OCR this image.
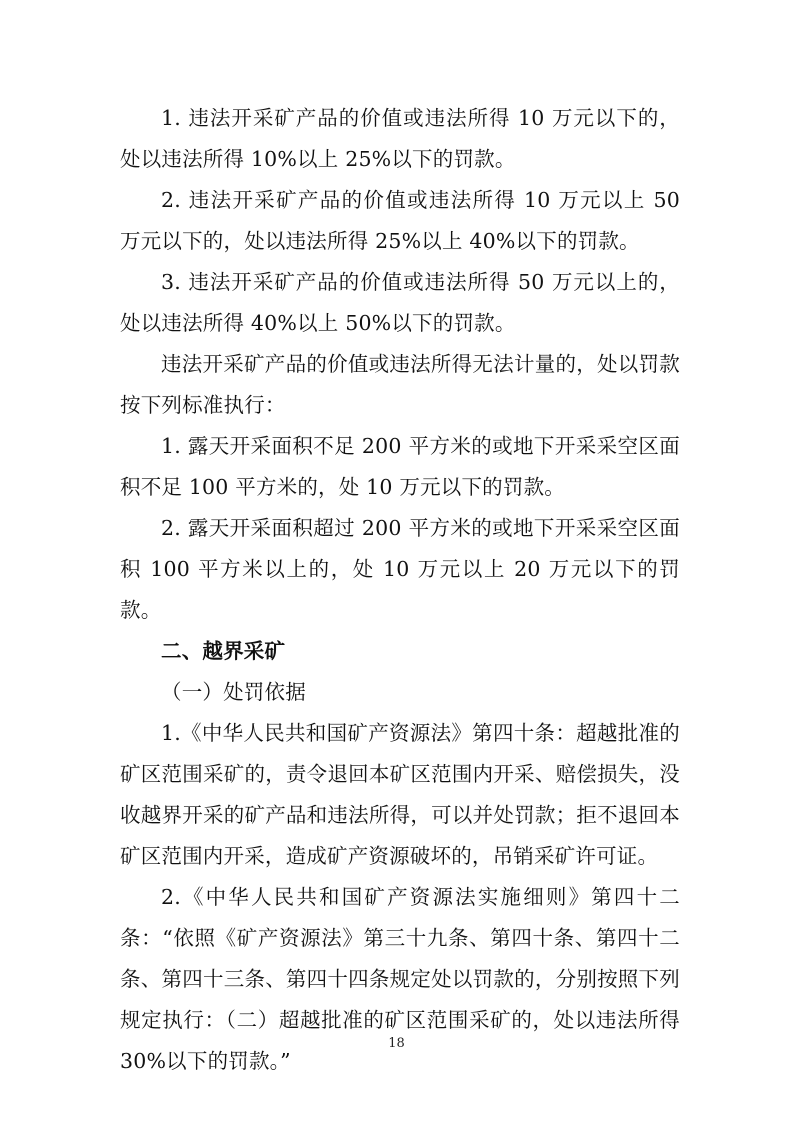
1. 违法开采矿产品的价值或违法所得 10 万元以下的，处以违法所得 10%以上 25%以下的罚款。

2. 违法开采矿产品的价值或违法所得 10 万元以上 50 万元以下的，处以违法所得 25%以上 40%以下的罚款。

3. 违法开采矿产品的价值或违法所得 50 万元以上的，处以违法所得 40%以上 50%以下的罚款。

违法开采矿产品的价值或违法所得无法计量的，处以罚款按下列标准执行：

1. 露天开采面积不足 200 平方米的或地下开采采空区面积不足 100 平方米的，处 10 万元以下的罚款。

2. 露天开采面积超过 200 平方米的或地下开采采空区面积 100 平方米以上的，处 10 万元以上 20 万元以下的罚款。

二、越界采矿

（一）处罚依据

1.《中华人民共和国矿产资源法》第四十条：超越批准的矿区范围采矿的，责令退回本矿区范围内开采、赔偿损失，没收越界开采的矿产品和违法所得，可以并处罚款；拒不退回本矿区范围内开采，造成矿产资源破坏的，吊销采矿许可证。

2.《中华人民共和国矿产资源法实施细则》第四十二条：“依照《矿产资源法》第三十九条、第四十条、第四十二条、第四十三条、第四十四条规定处以罚款的，分别按照下列规定执行：（二）超越批准的矿区范围采矿的，处以违法所得 30%以下的罚款。”

18
